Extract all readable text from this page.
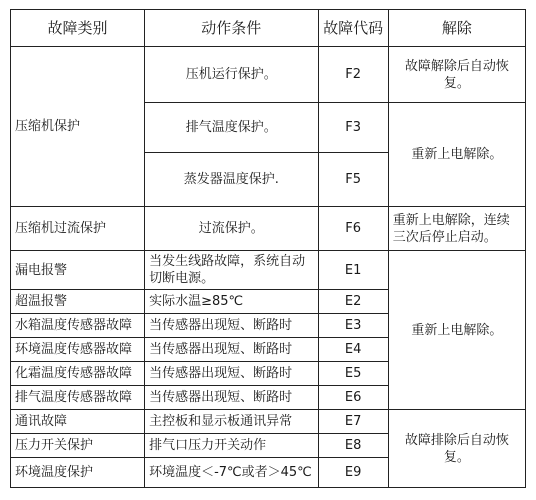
故障类别	动作条件	故障代码	解除
压缩机保护	压机运行保护。	F2	故障解除后自动恢复。
	排气温度保护。	F3	重新上电解除。
	蒸发器温度保护.	F5	
压缩机过流保护	过流保护。	F6	重新上电解除，连续三次后停止启动。
漏电报警	当发生线路故障，系统自动切断电源。	E1	重新上电解除。
超温报警	实际水温≥85℃	E2	
水箱温度传感器故障	当传感器出现短、断路时	E3	
环境温度传感器故障	当传感器出现短、断路时	E4	
化霜温度传感器故障	当传感器出现短、断路时	E5	
排气温度传感器故障	当传感器出现短、断路时	E6	
通讯故障	主控板和显示板通讯异常	E7	故障排除后自动恢复。
压力开关保护	排气口压力开关动作	E8	
环境温度保护	环境温度＜-7℃或者＞45℃	E9	
